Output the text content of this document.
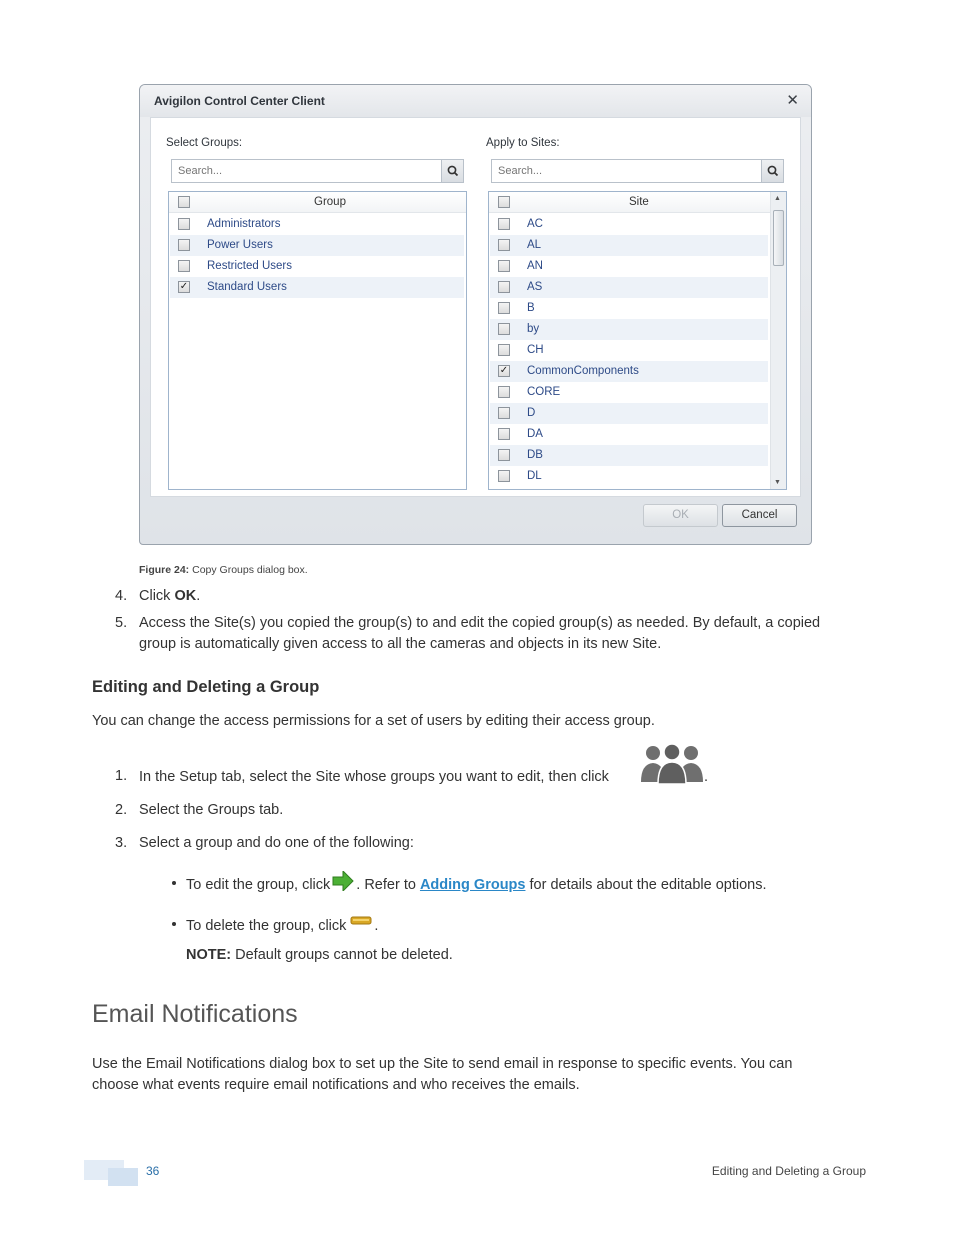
Avigilon Control Center Client	✕
Select Groups:
Search...
Group
Administrators
Power Users
Restricted Users
✓ Standard Users
Apply to Sites:
Search...
Site
AC
AL
AN
AS
B
by
CH
✓ CommonComponents
CORE
D
DA
DB
DL
▲
▼
OK	Cancel
Figure 24: Copy Groups dialog box.
4. Click OK.
5. Access the Site(s) you copied the group(s) to and edit the copied group(s) as needed. By default, a copied
group is automatically given access to all the cameras and objects in its new Site.
Editing and Deleting a Group
You can change the access permissions for a set of users by editing their access group.
1. In the Setup tab, select the Site whose groups you want to edit, then click	.
2. Select the Groups tab.
3. Select a group and do one of the following:
To edit the group, click . Refer to Adding Groups for details about the editable options.
To delete the group, click .
NOTE: Default groups cannot be deleted.
Email Notifications
Use the Email Notifications dialog box to set up the Site to send email in response to specific events. You can
choose what events require email notifications and who receives the emails.
36	Editing and Deleting a Group
